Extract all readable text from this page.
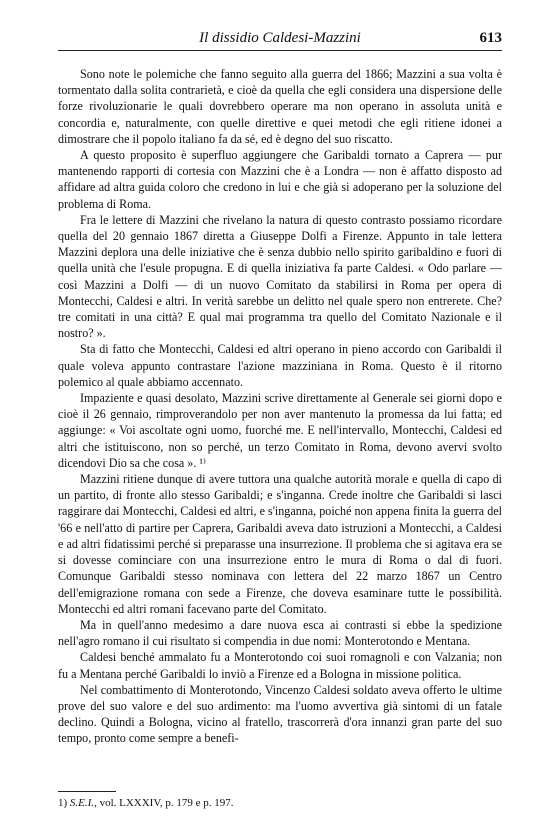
Il dissidio Caldesi-Mazzini	613

Sono note le polemiche che fanno seguito alla guerra del 1866; Mazzini a sua volta è tormentato dalla solita contrarietà, e cioè da quella che egli considera una dispersione delle forze rivoluzionarie le quali dovrebbero operare ma non operano in assoluta unità e concordia e, naturalmente, con quelle direttive e quei metodi che egli ritiene idonei a dimostrare che il popolo italiano fa da sé, ed è degno del suo riscatto.

A questo proposito è superfluo aggiungere che Garibaldi tornato a Caprera — pur mantenendo rapporti di cortesia con Mazzini che è a Londra — non è affatto disposto ad affidare ad altra guida coloro che credono in lui e che già si adoperano per la soluzione del problema di Roma.

Fra le lettere di Mazzini che rivelano la natura di questo contrasto possiamo ricordare quella del 20 gennaio 1867 diretta a Giuseppe Dolfi a Firenze. Appunto in tale lettera Mazzini deplora una delle iniziative che è senza dubbio nello spirito garibaldino e fuori di quella unità che l'esule propugna. E di quella iniziativa fa parte Caldesi. « Odo parlare — così Mazzini a Dolfi — di un nuovo Comitato da stabilirsi in Roma per opera di Montecchi, Caldesi e altri. In verità sarebbe un delitto nel quale spero non entrerete. Che? tre comitati in una città? E qual mai programma tra quello del Comitato Nazionale e il nostro? ».

Sta di fatto che Montecchi, Caldesi ed altri operano in pieno accordo con Garibaldi il quale voleva appunto contrastare l'azione mazziniana in Roma. Questo è il ritorno polemico al quale abbiamo accennato.

Impaziente e quasi desolato, Mazzini scrive direttamente al Generale sei giorni dopo e cioè il 26 gennaio, rimproverandolo per non aver mantenuto la promessa da lui fatta; ed aggiunge: « Voi ascoltate ogni uomo, fuorché me. E nell'intervallo, Montecchi, Caldesi ed altri che istituiscono, non so perché, un terzo Comitato in Roma, devono avervi svolto dicendovi Dio sa che cosa ». ¹⁾

Mazzini ritiene dunque di avere tuttora una qualche autorità morale e quella di capo di un partito, di fronte allo stesso Garibaldi; e s'inganna. Crede inoltre che Garibaldi si lasci raggirare dai Montecchi, Caldesi ed altri, e s'inganna, poiché non appena finita la guerra del '66 e nell'atto di partire per Caprera, Garibaldi aveva dato istruzioni a Montecchi, a Caldesi e ad altri fidatissimi perché si preparasse una insurrezione. Il problema che si agitava era se si dovesse cominciare con una insurrezione entro le mura di Roma o dal di fuori. Comunque Garibaldi stesso nominava con lettera del 22 marzo 1867 un Centro dell'emigrazione romana con sede a Firenze, che doveva esaminare tutte le possibilità. Montecchi ed altri romani facevano parte del Comitato.

Ma in quell'anno medesimo a dare nuova esca ai contrasti si ebbe la spedizione nell'agro romano il cui risultato si compendia in due nomi: Monterotondo e Mentana.

Caldesi benché ammalato fu a Monterotondo coi suoi romagnoli e con Valzania; non fu a Mentana perché Garibaldi lo inviò a Firenze ed a Bologna in missione politica.

Nel combattimento di Monterotondo, Vincenzo Caldesi soldato aveva offerto le ultime prove del suo valore e del suo ardimento: ma l'uomo avvertiva già sintomi di un fatale declino. Quindi a Bologna, vicino al fratello, trascorrerà d'ora innanzi gran parte del suo tempo, pronto come sempre a benefi-

1) S.E.I., vol. LXXXIV, p. 179 e p. 197.
